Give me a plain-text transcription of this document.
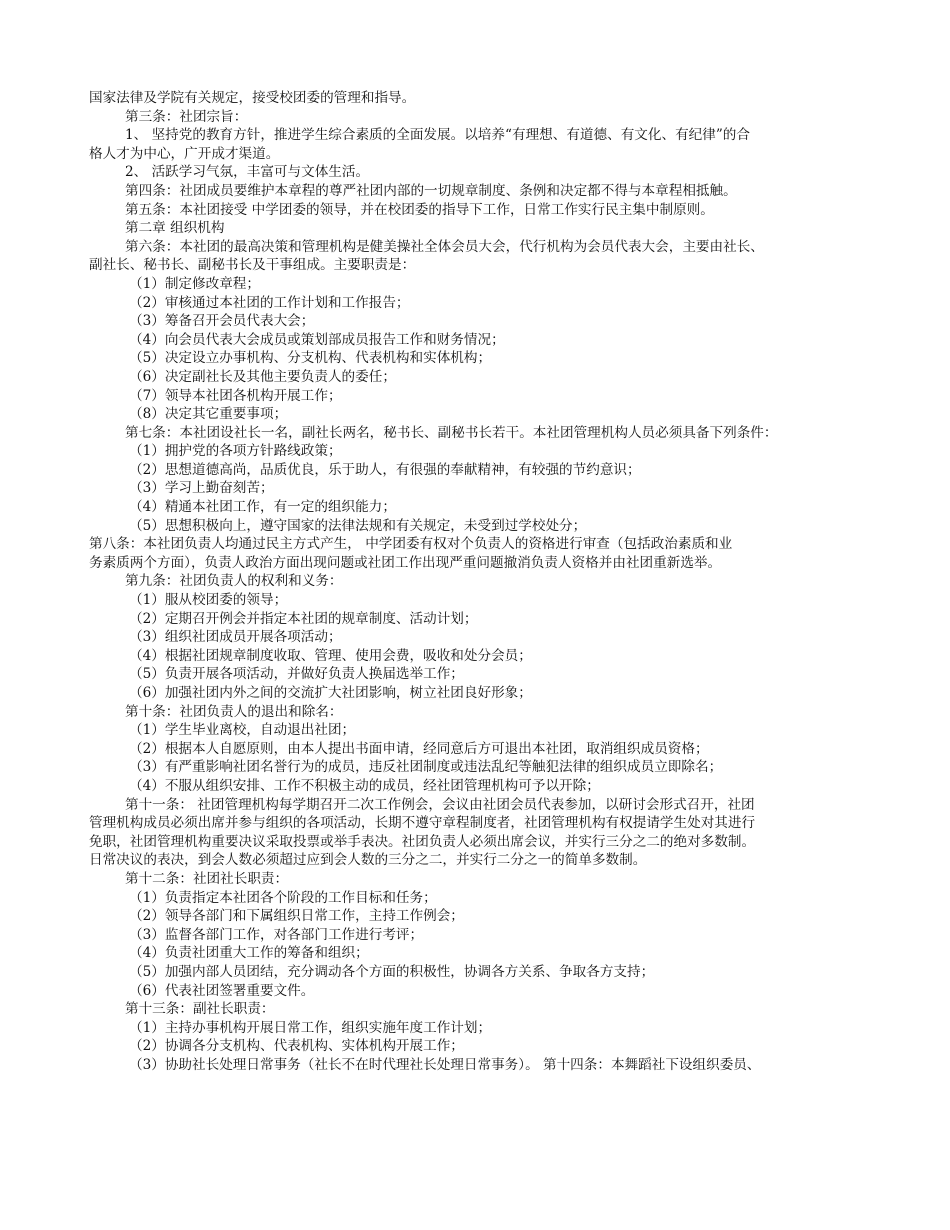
国家法律及学院有关规定，接受校团委的管理和指导。
第三条：社团宗旨：
1、 坚持党的教育方针，推进学生综合素质的全面发展。以培养“有理想、有道德、有文化、有纪律”的合
格人才为中心，广开成才渠道。
2、 活跃学习气氛，丰富可与文体生活。
第四条：社团成员要维护本章程的尊严社团内部的一切规章制度、条例和决定都不得与本章程相抵触。
第五条：本社团接受 中学团委的领导，并在校团委的指导下工作，日常工作实行民主集中制原则。
第二章 组织机构
第六条：本社团的最高决策和管理机构是健美操社全体会员大会，代行机构为会员代表大会，主要由社长、
副社长、秘书长、副秘书长及干事组成。主要职责是：
（1）制定修改章程；
（2）审核通过本社团的工作计划和工作报告；
（3）筹备召开会员代表大会；
（4）向会员代表大会成员或策划部成员报告工作和财务情况；
（5）决定设立办事机构、分支机构、代表机构和实体机构；
（6）决定副社长及其他主要负责人的委任；
（7）领导本社团各机构开展工作；
（8）决定其它重要事项；
第七条：本社团设社长一名，副社长两名，秘书长、副秘书长若干。本社团管理机构人员必须具备下列条件：
（1）拥护党的各项方针路线政策；
（2）思想道德高尚，品质优良，乐于助人，有很强的奉献精神，有较强的节约意识；
（3）学习上勤奋刻苦；
（4）精通本社团工作，有一定的组织能力；
（5）思想积极向上，遵守国家的法律法规和有关规定，未受到过学校处分；
第八条：本社团负责人均通过民主方式产生， 中学团委有权对个负责人的资格进行审查（包括政治素质和业
务素质两个方面），负责人政治方面出现问题或社团工作出现严重问题撤消负责人资格并由社团重新选举。
第九条：社团负责人的权利和义务：
（1）服从校团委的领导；
（2）定期召开例会并指定本社团的规章制度、活动计划；
（3）组织社团成员开展各项活动；
（4）根据社团规章制度收取、管理、使用会费，吸收和处分会员；
（5）负责开展各项活动，并做好负责人换届选举工作；
（6）加强社团内外之间的交流扩大社团影响，树立社团良好形象；
第十条：社团负责人的退出和除名：
（1）学生毕业离校，自动退出社团；
（2）根据本人自愿原则，由本人提出书面申请，经同意后方可退出本社团，取消组织成员资格；
（3）有严重影响社团名誉行为的成员，违反社团制度或违法乱纪等触犯法律的组织成员立即除名；
（4）不服从组织安排、工作不积极主动的成员，经社团管理机构可予以开除；
第十一条： 社团管理机构每学期召开二次工作例会，会议由社团会员代表参加，以研讨会形式召开，社团
管理机构成员必须出席并参与组织的各项活动，长期不遵守章程制度者，社团管理机构有权提请学生处对其进行
免职，社团管理机构重要决议采取投票或举手表决。社团负责人必须出席会议，并实行三分之二的绝对多数制。
日常决议的表决，到会人数必须超过应到会人数的三分之二，并实行二分之一的简单多数制。
第十二条：社团社长职责：
（1）负责指定本社团各个阶段的工作目标和任务；
（2）领导各部门和下属组织日常工作，主持工作例会；
（3）监督各部门工作，对各部门工作进行考评；
（4）负责社团重大工作的筹备和组织；
（5）加强内部人员团结，充分调动各个方面的积极性，协调各方关系、争取各方支持；
（6）代表社团签署重要文件。
第十三条：副社长职责：
（1）主持办事机构开展日常工作，组织实施年度工作计划；
（2）协调各分支机构、代表机构、实体机构开展工作；
（3）协助社长处理日常事务（社长不在时代理社长处理日常事务）。 第十四条：本舞蹈社下设组织委员、
